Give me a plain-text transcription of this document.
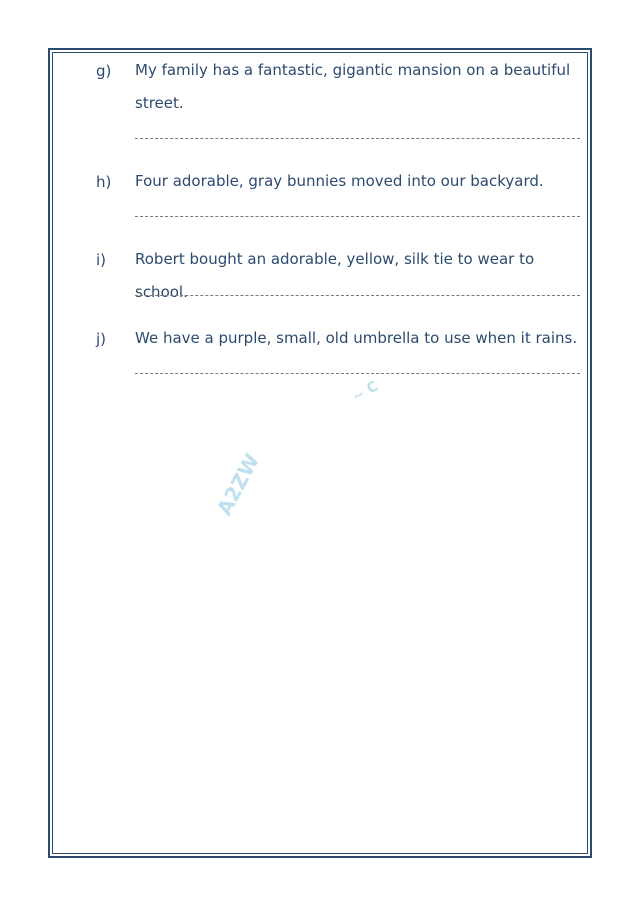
g) My family has a fantastic, gigantic mansion on a beautiful street.
h) Four adorable, gray bunnies moved into our backyard.
i) Robert bought an adorable, yellow, silk tie to wear to school.
j) We have a purple, small, old umbrella to use when it rains.
~ C
A2ZW
